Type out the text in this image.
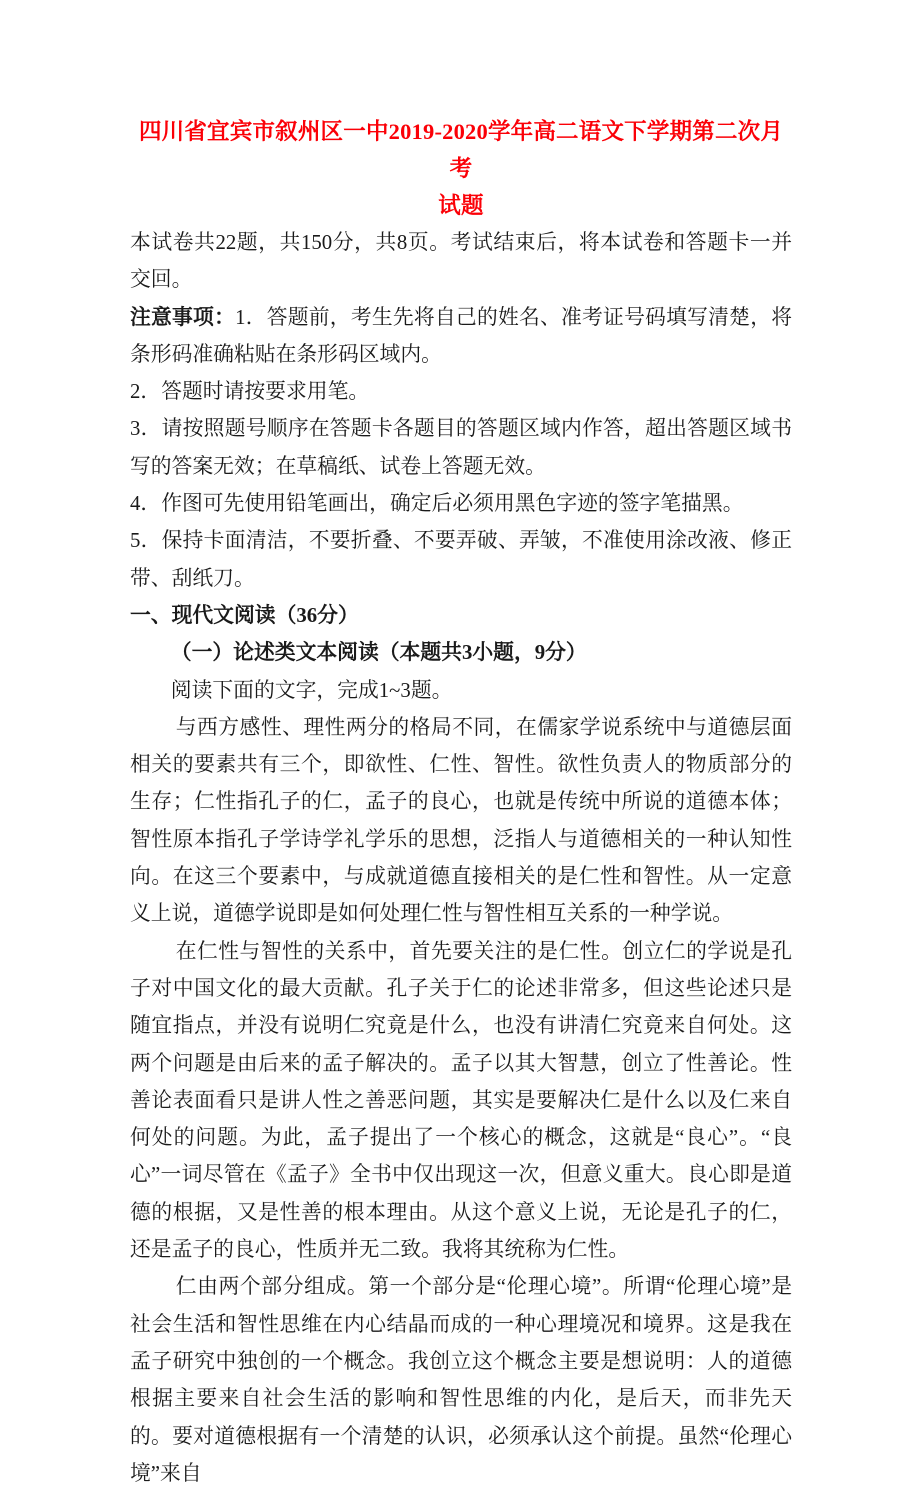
四川省宜宾市叙州区一中2019-2020学年高二语文下学期第二次月考
试题

本试卷共22题，共150分，共8页。考试结束后，将本试卷和答题卡一并交回。

注意事项：1．答题前，考生先将自己的姓名、准考证号码填写清楚，将条形码准确粘贴在条形码区域内。

2．答题时请按要求用笔。

3．请按照题号顺序在答题卡各题目的答题区域内作答，超出答题区域书写的答案无效；在草稿纸、试卷上答题无效。

4．作图可先使用铅笔画出，确定后必须用黑色字迹的签字笔描黑。

5．保持卡面清洁，不要折叠、不要弄破、弄皱，不准使用涂改液、修正带、刮纸刀。

一、现代文阅读（36分）
（一）论述类文本阅读（本题共3小题，9分）

阅读下面的文字，完成1~3题。

与西方感性、理性两分的格局不同，在儒家学说系统中与道德层面相关的要素共有三个，即欲性、仁性、智性。欲性负责人的物质部分的生存；仁性指孔子的仁，孟子的良心，也就是传统中所说的道德本体；智性原本指孔子学诗学礼学乐的思想，泛指人与道德相关的一种认知性向。在这三个要素中，与成就道德直接相关的是仁性和智性。从一定意义上说，道德学说即是如何处理仁性与智性相互关系的一种学说。

在仁性与智性的关系中，首先要关注的是仁性。创立仁的学说是孔子对中国文化的最大贡献。孔子关于仁的论述非常多，但这些论述只是随宜指点，并没有说明仁究竟是什么，也没有讲清仁究竟来自何处。这两个问题是由后来的孟子解决的。孟子以其大智慧，创立了性善论。性善论表面看只是讲人性之善恶问题，其实是要解决仁是什么以及仁来自何处的问题。为此，孟子提出了一个核心的概念，这就是“良心”。“良心”一词尽管在《孟子》全书中仅出现这一次，但意义重大。良心即是道德的根据，又是性善的根本理由。从这个意义上说，无论是孔子的仁，还是孟子的良心，性质并无二致。我将其统称为仁性。

仁由两个部分组成。第一个部分是“伦理心境”。所谓“伦理心境”是社会生活和智性思维在内心结晶而成的一种心理境况和境界。这是我在孟子研究中独创的一个概念。我创立这个概念主要是想说明：人的道德根据主要来自社会生活的影响和智性思维的内化，是后天，而非先天的。要对道德根据有一个清楚的认识，必须承认这个前提。虽然“伦理心境”来自
